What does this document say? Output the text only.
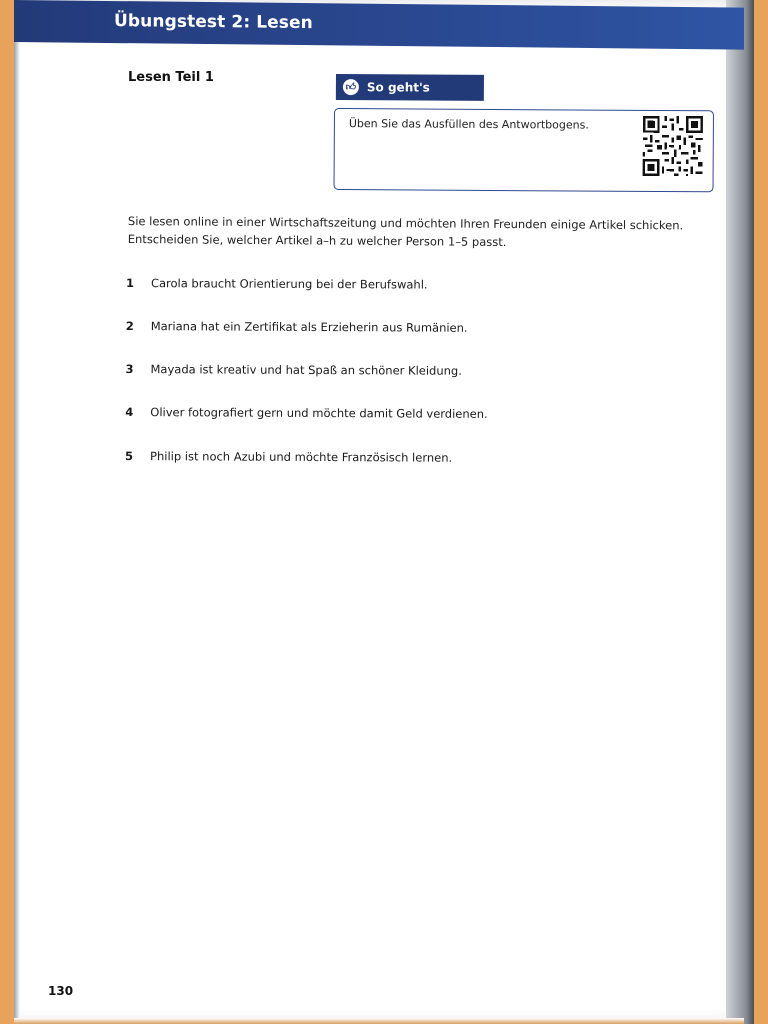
Übungstest 2: Lesen
Lesen Teil 1
👍︎ So geht's
Üben Sie das Ausfüllen des Antwortbogens.
Sie lesen online in einer Wirtschaftszeitung und möchten Ihren Freunden einige Artikel schicken.
Entscheiden Sie, welcher Artikel a–h zu welcher Person 1–5 passt.
1 Carola braucht Orientierung bei der Berufswahl.
2 Mariana hat ein Zertifikat als Erzieherin aus Rumänien.
3 Mayada ist kreativ und hat Spaß an schöner Kleidung.
4 Oliver fotografiert gern und möchte damit Geld verdienen.
5 Philip ist noch Azubi und möchte Französisch lernen.
130
